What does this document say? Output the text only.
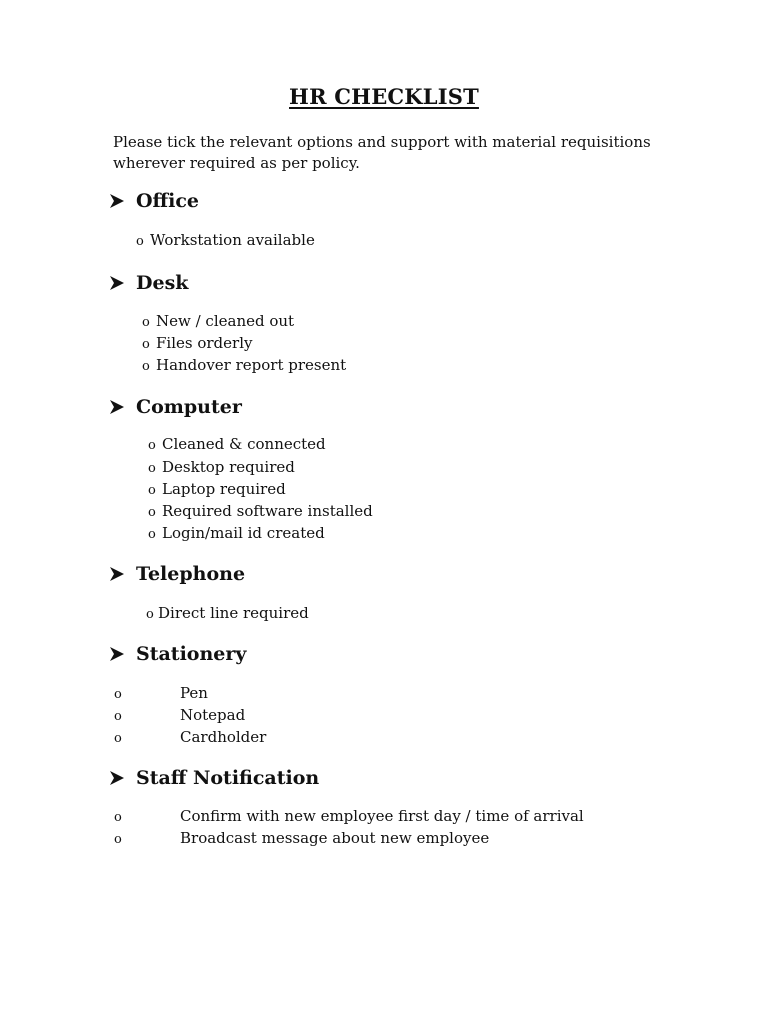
HR CHECKLIST
Please tick the relevant options and support with material requisitions
wherever required as per policy.
Office
o Workstation available
Desk
o New / cleaned out
o Files orderly
o Handover report present
Computer
o Cleaned & connected
o Desktop required
o Laptop required
o Required software installed
o Login/mail id created
Telephone
o Direct line required
Stationery
o	Pen
o	Notepad
o	Cardholder
Staff Notification
o	Confirm with new employee first day / time of arrival
o	Broadcast message about new employee
